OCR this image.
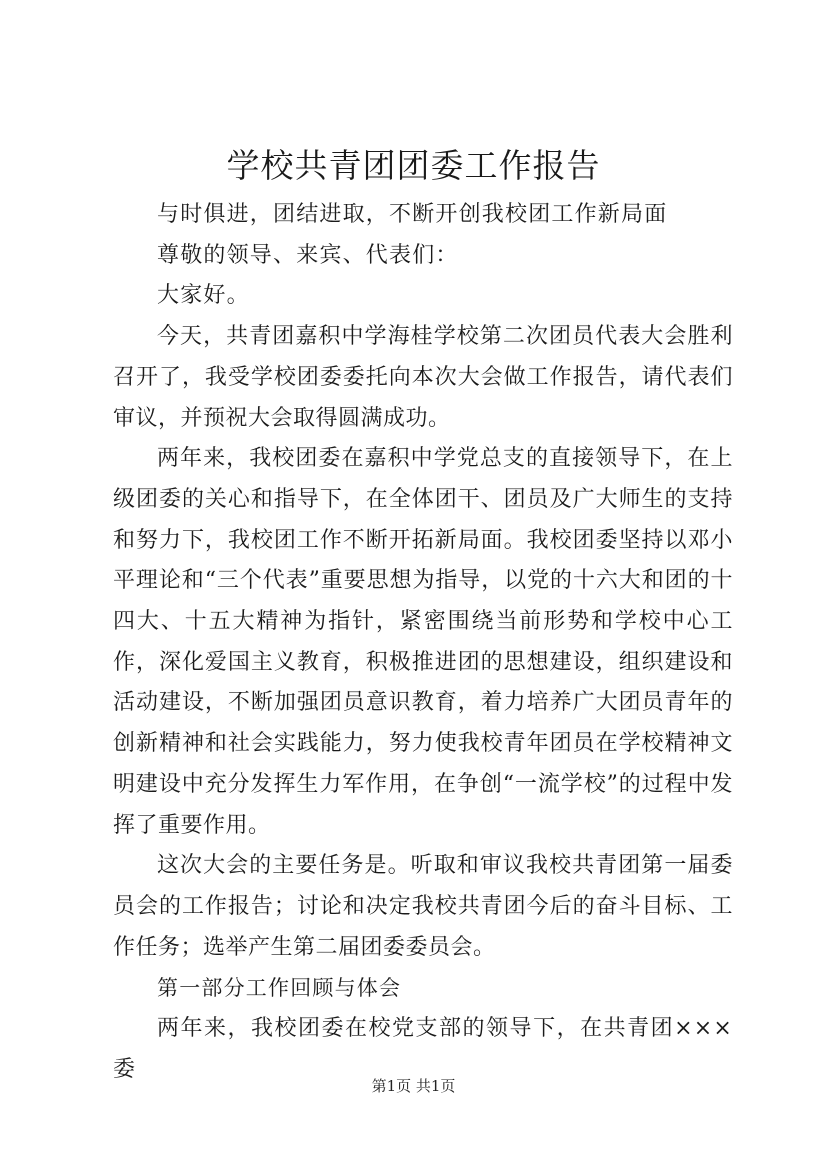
学校共青团团委工作报告

与时俱进，团结进取，不断开创我校团工作新局面

尊敬的领导、来宾、代表们：

大家好。

今天，共青团嘉积中学海桂学校第二次团员代表大会胜利召开了，我受学校团委委托向本次大会做工作报告，请代表们审议，并预祝大会取得圆满成功。

两年来，我校团委在嘉积中学党总支的直接领导下，在上级团委的关心和指导下，在全体团干、团员及广大师生的支持和努力下，我校团工作不断开拓新局面。我校团委坚持以邓小平理论和“三个代表”重要思想为指导，以党的十六大和团的十四大、十五大精神为指针，紧密围绕当前形势和学校中心工作，深化爱国主义教育，积极推进团的思想建设，组织建设和活动建设，不断加强团员意识教育，着力培养广大团员青年的创新精神和社会实践能力，努力使我校青年团员在学校精神文明建设中充分发挥生力军作用，在争创“一流学校”的过程中发挥了重要作用。

这次大会的主要任务是。听取和审议我校共青团第一届委员会的工作报告；讨论和决定我校共青团今后的奋斗目标、工作任务；选举产生第二届团委委员会。

第一部分工作回顾与体会

两年来，我校团委在校党支部的领导下，在共青团×××委

第1页 共1页
